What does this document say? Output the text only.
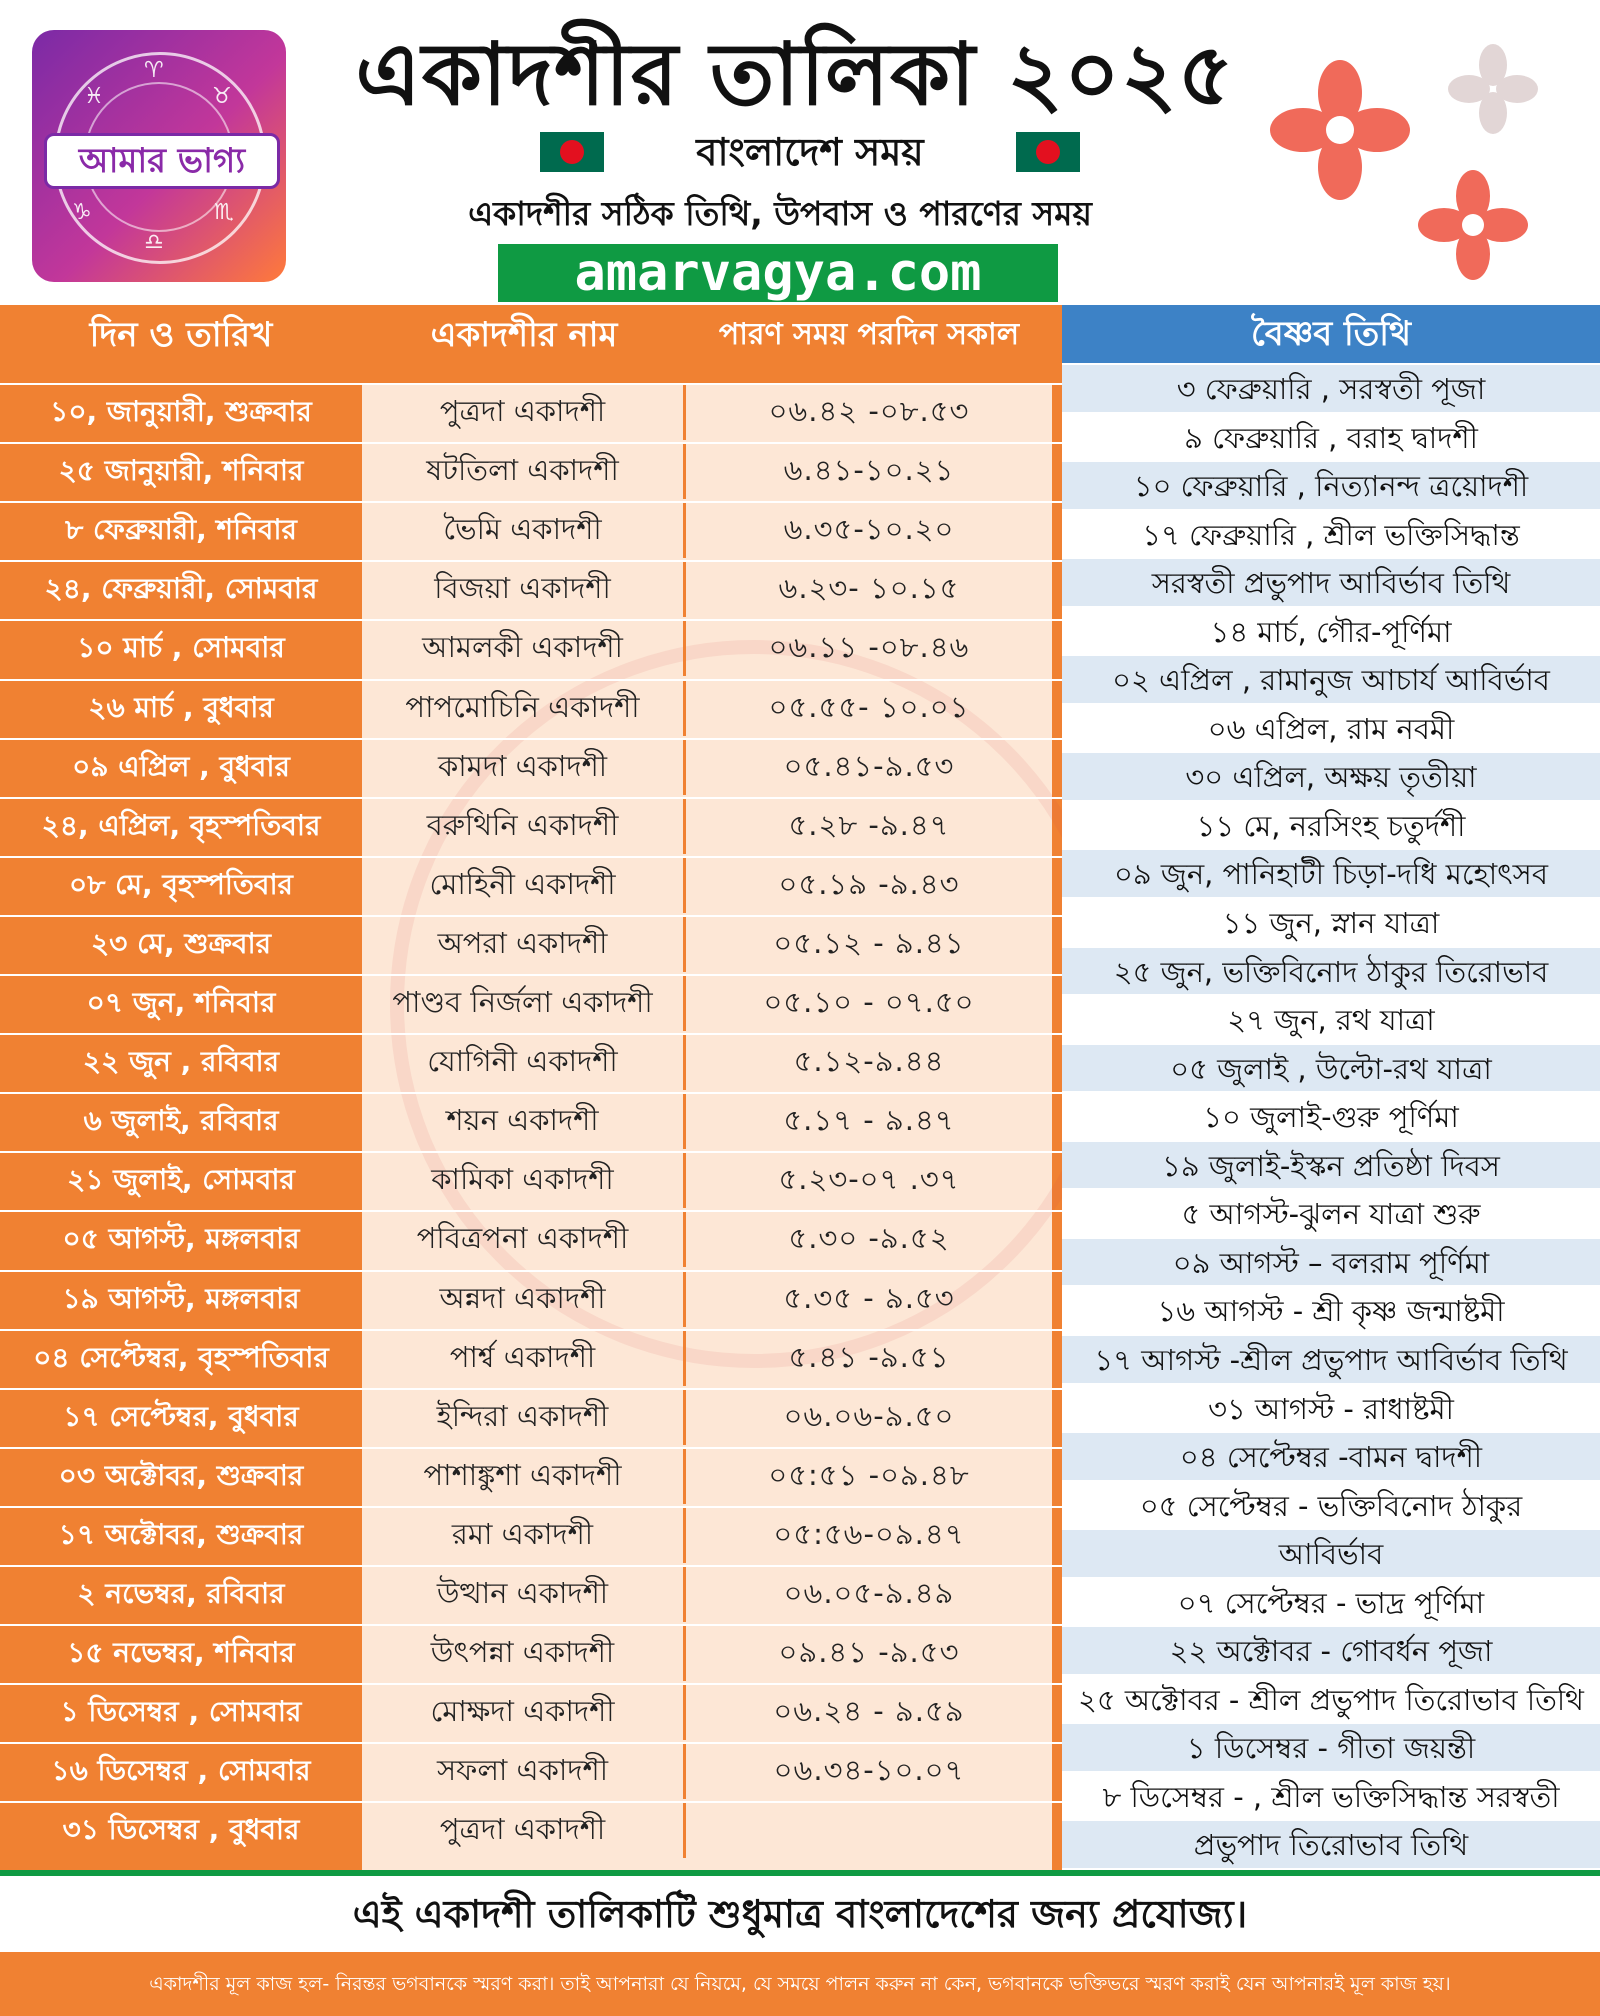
♈
♉
♓
♑
♎
♏
আমার ভাগ্য
একাদশীর তালিকা ২০২৫
বাংলাদেশ সময়
একাদশীর সঠিক তিথি, উপবাস ও পারণের সময়
amarvagya.com
দিন ও তারিখ	একাদশীর নাম	পারণ সময় পরদিন সকাল
১০, জানুয়ারী, শুক্রবার	পুত্রদা একাদশী	০৬.৪২ -০৮.৫৩
২৫ জানুয়ারী, শনিবার	ষটতিলা একাদশী	৬.৪১-১০.২১
৮ ফেব্রুয়ারী, শনিবার	ভৈমি একাদশী	৬.৩৫-১০.২০
২৪, ফেব্রুয়ারী, সোমবার	বিজয়া একাদশী	৬.২৩- ১০.১৫
১০ মার্চ , সোমবার	আমলকী একাদশী	০৬.১১ -০৮.৪৬
২৬ মার্চ , বুধবার	পাপমোচিনি একাদশী	০৫.৫৫- ১০.০১
০৯ এপ্রিল , বুধবার	কামদা একাদশী	০৫.৪১-৯.৫৩
২৪, এপ্রিল, বৃহস্পতিবার	বরুথিনি একাদশী	৫.২৮ -৯.৪৭
০৮ মে, বৃহস্পতিবার	মোহিনী একাদশী	০৫.১৯ -৯.৪৩
২৩ মে, শুক্রবার	অপরা একাদশী	০৫.১২ - ৯.৪১
০৭ জুন, শনিবার	পাণ্ডব নির্জলা একাদশী	০৫.১০ - ০৭.৫০
২২ জুন , রবিবার	যোগিনী একাদশী	৫.১২-৯.৪৪
৬ জুলাই, রবিবার	শয়ন একাদশী	৫.১৭ - ৯.৪৭
২১ জুলাই, সোমবার	কামিকা একাদশী	৫.২৩-০৭ .৩৭
০৫ আগস্ট, মঙ্গলবার	পবিত্রপনা একাদশী	৫.৩০ -৯.৫২
১৯ আগস্ট, মঙ্গলবার	অন্নদা একাদশী	৫.৩৫ - ৯.৫৩
০৪ সেপ্টেম্বর, বৃহস্পতিবার	পার্শ্ব একাদশী	৫.৪১ -৯.৫১
১৭ সেপ্টেম্বর, বুধবার	ইন্দিরা একাদশী	০৬.০৬-৯.৫০
০৩ অক্টোবর, শুক্রবার	পাশাঙ্কুশা একাদশী	০৫:৫১ -০৯.৪৮
১৭ অক্টোবর, শুক্রবার	রমা একাদশী	০৫:৫৬-০৯.৪৭
২ নভেম্বর, রবিবার	উত্থান একাদশী	০৬.০৫-৯.৪৯
১৫ নভেম্বর, শনিবার	উৎপন্না একাদশী	০৯.৪১ -৯.৫৩
১ ডিসেম্বর , সোমবার	মোক্ষদা একাদশী	০৬.২৪ - ৯.৫৯
১৬ ডিসেম্বর , সোমবার	সফলা একাদশী	০৬.৩৪-১০.০৭
৩১ ডিসেম্বর , বুধবার	পুত্রদা একাদশী
বৈষ্ণব তিথি
৩ ফেব্রুয়ারি , সরস্বতী পূজা
৯ ফেব্রুয়ারি , বরাহ দ্বাদশী
১০ ফেব্রুয়ারি , নিত্যানন্দ ত্রয়োদশী
১৭ ফেব্রুয়ারি , শ্রীল ভক্তিসিদ্ধান্ত
সরস্বতী প্রভুপাদ আবির্ভাব তিথি
১৪ মার্চ, গৌর-পূর্ণিমা
০২ এপ্রিল , রামানুজ আচার্য আবির্ভাব
০৬ এপ্রিল, রাম নবমী
৩০ এপ্রিল, অক্ষয় তৃতীয়া
১১ মে, নরসিংহ চতুর্দশী
০৯ জুন, পানিহাটী চিড়া-দধি মহোৎসব
১১ জুন, স্নান যাত্রা
২৫ জুন, ভক্তিবিনোদ ঠাকুর তিরোভাব
২৭ জুন, রথ যাত্রা
০৫ জুলাই , উল্টো-রথ যাত্রা
১০ জুলাই-গুরু পূর্ণিমা
১৯ জুলাই-ইস্কন প্রতিষ্ঠা দিবস
৫ আগস্ট-ঝুলন যাত্রা শুরু
০৯ আগস্ট – বলরাম পূর্ণিমা
১৬ আগস্ট - শ্রী কৃষ্ণ জন্মাষ্টমী
১৭ আগস্ট -শ্রীল প্রভুপাদ আবির্ভাব তিথি
৩১ আগস্ট - রাধাষ্টমী
০৪ সেপ্টেম্বর -বামন দ্বাদশী
০৫ সেপ্টেম্বর - ভক্তিবিনোদ ঠাকুর
আবির্ভাব
০৭ সেপ্টেম্বর - ভাদ্র পূর্ণিমা
২২ অক্টোবর - গোবর্ধন পূজা
২৫ অক্টোবর - শ্রীল প্রভুপাদ তিরোভাব তিথি
১ ডিসেম্বর - গীতা জয়ন্তী
৮ ডিসেম্বর - , শ্রীল ভক্তিসিদ্ধান্ত সরস্বতী
প্রভুপাদ তিরোভাব তিথি
এই একাদশী তালিকাটি শুধুমাত্র বাংলাদেশের জন্য প্রযোজ্য।
একাদশীর মূল কাজ হল- নিরন্তর ভগবানকে স্মরণ করা। তাই আপনারা যে নিয়মে, যে সময়ে পালন করুন না কেন, ভগবানকে ভক্তিভরে স্মরণ করাই যেন আপনারই মূল কাজ হয়।
